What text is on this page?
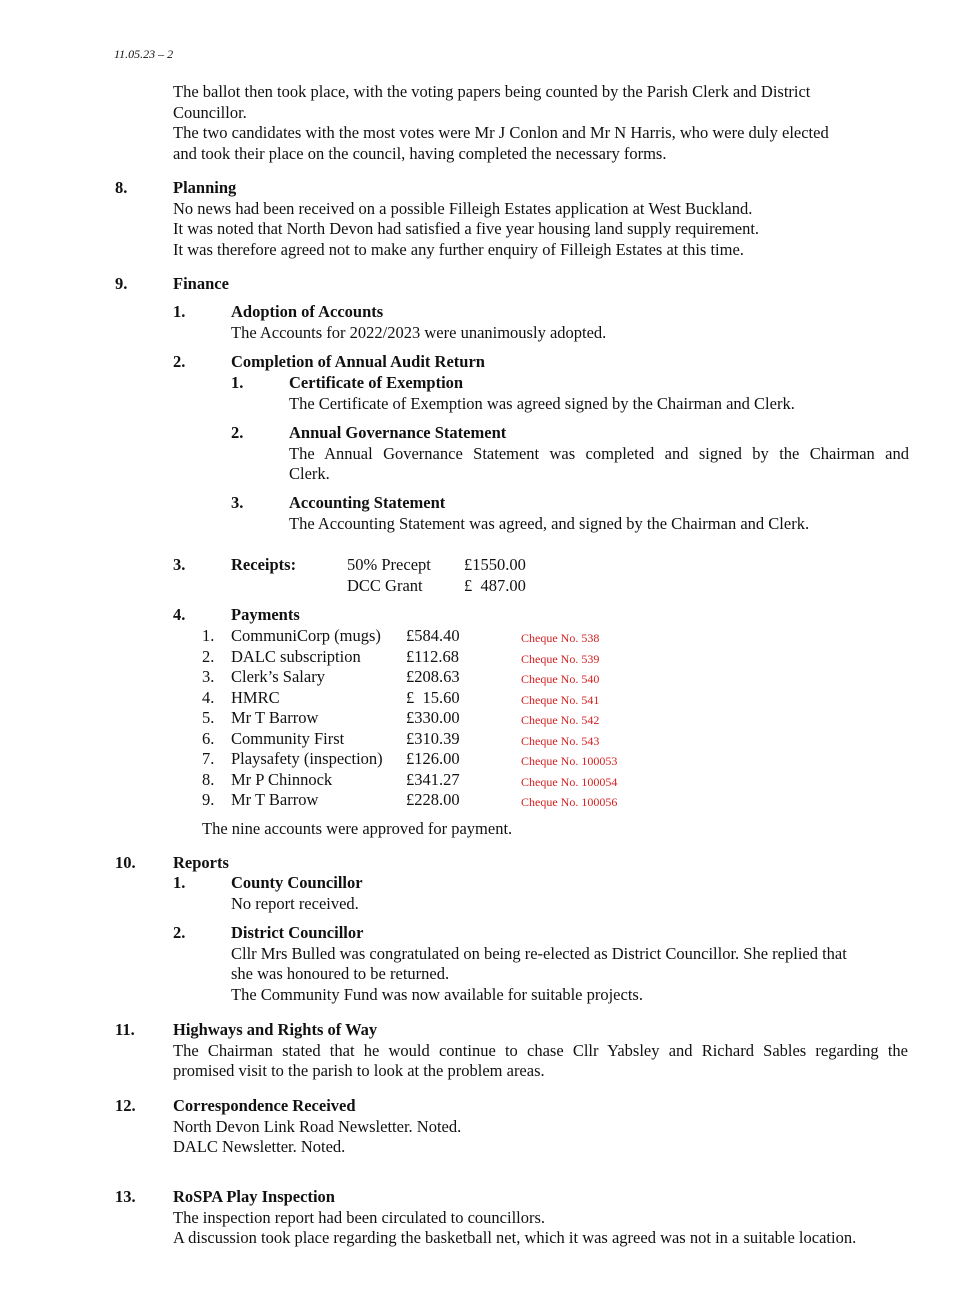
11.05.23 – 2

The ballot then took place, with the voting papers being counted by the Parish Clerk and District

Councillor.

The two candidates with the most votes were Mr J Conlon and Mr N Harris, who were duly elected

and took their place on the council, having completed the necessary forms.

8.	Planning

No news had been received on a possible Filleigh Estates application at West Buckland.

It was noted that North Devon had satisfied a five year housing land supply requirement.

It was therefore agreed not to make any further enquiry of Filleigh Estates at this time.

9.	Finance
1.	Adoption of Accounts

The Accounts for 2022/2023 were unanimously adopted.

2.	Completion of Annual Audit Return
1.	Certificate of Exemption

The Certificate of Exemption was agreed signed by the Chairman and Clerk.

2.	Annual Governance Statement

The Annual Governance Statement was completed and signed by the Chairman and

Clerk.

3.	Accounting Statement

The Accounting Statement was agreed, and signed by the Chairman and Clerk.

3.	Receipts:	50% Precept £1550.00
DCC Grant	£  487.00
4.	Payments
1. CommuniCorp (mugs) £584.40	Cheque No. 538
2. DALC subscription	£112.68	Cheque No. 539
3. Clerk’s Salary	£208.63	Cheque No. 540
4. HMRC	£  15.60	Cheque No. 541
5. Mr T Barrow	£330.00	Cheque No. 542
6. Community First	£310.39	Cheque No. 543
7. Playsafety (inspection) £126.00	Cheque No. 100053
8. Mr P Chinnock	£341.27	Cheque No. 100054
9. Mr T Barrow	£228.00	Cheque No. 100056
The nine accounts were approved for payment.
10. Reports
1.	County Councillor

No report received.

2.	District Councillor

Cllr Mrs Bulled was congratulated on being re-elected as District Councillor. She replied that

she was honoured to be returned.

The Community Fund was now available for suitable projects.

11. Highways and Rights of Way

The Chairman stated that he would continue to chase Cllr Yabsley and Richard Sables regarding the

promised visit to the parish to look at the problem areas.

12. Correspondence Received

North Devon Link Road Newsletter. Noted.

DALC Newsletter. Noted.

13. RoSPA Play Inspection

The inspection report had been circulated to councillors.

A discussion took place regarding the basketball net, which it was agreed was not in a suitable location.
